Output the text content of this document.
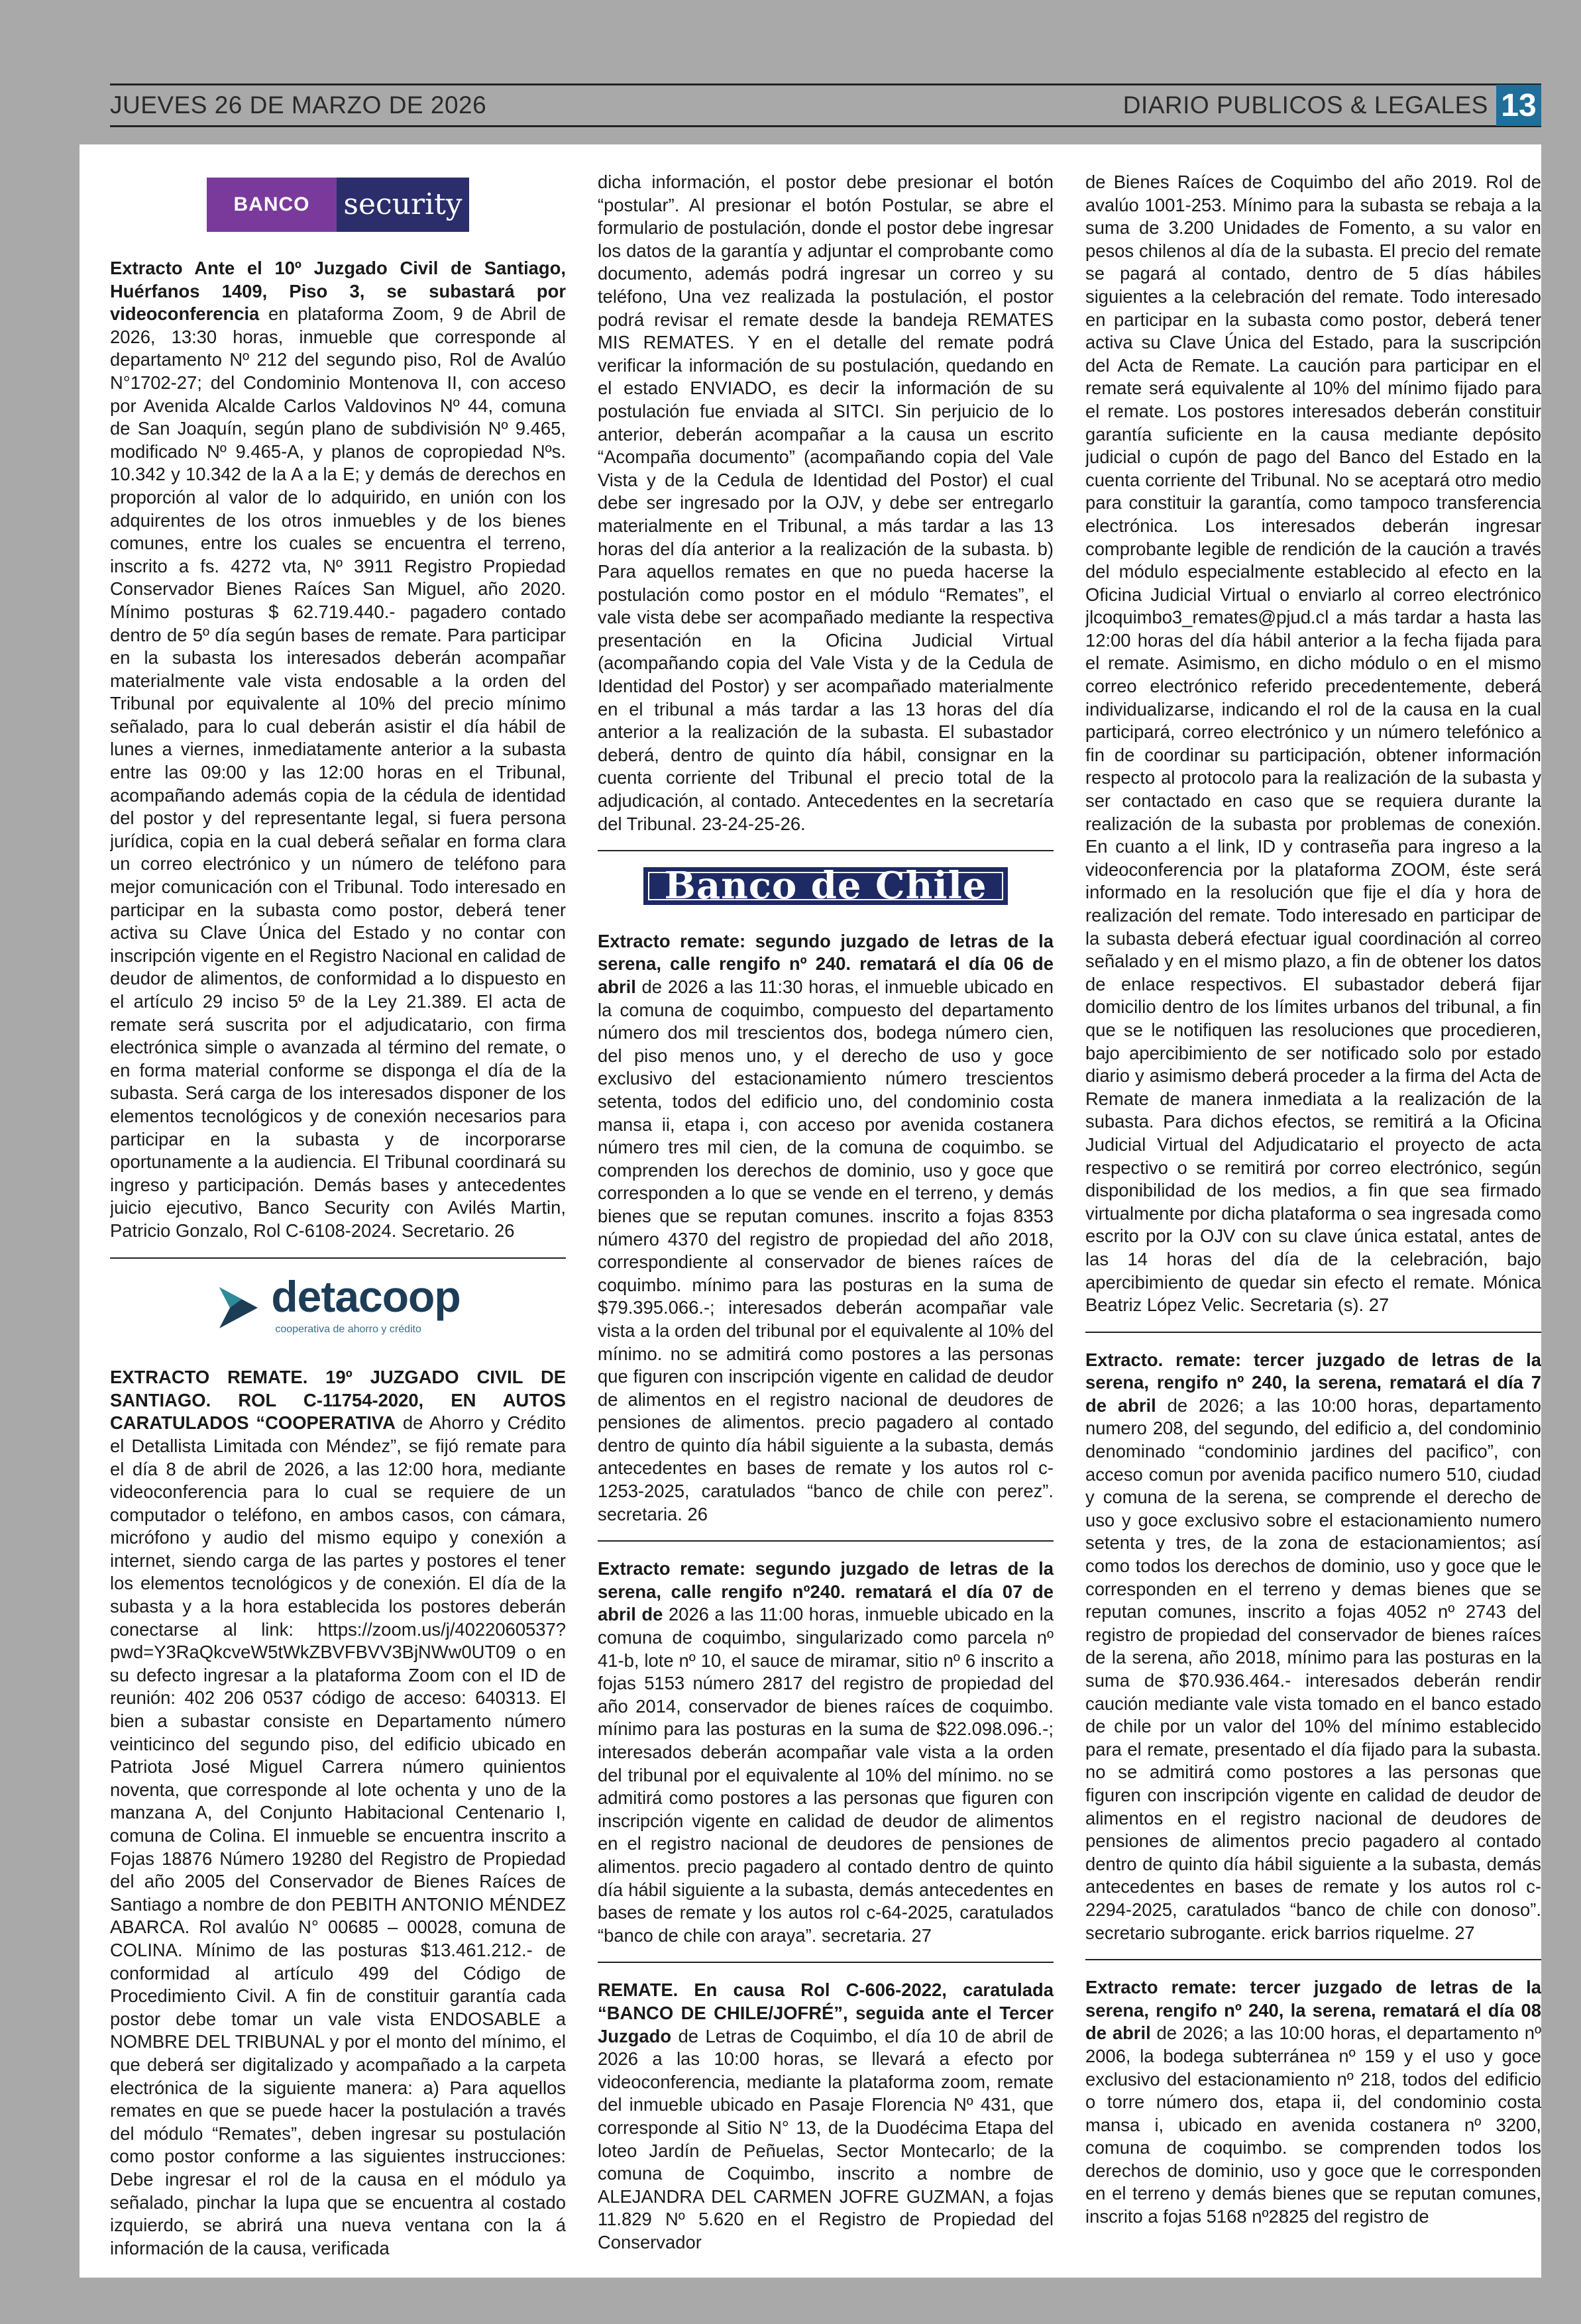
JUEVES 26 DE MARZO DE 2026	DIARIO PUBLICOS & LEGALES 13
BANCO	security

Extracto Ante el 10º Juzgado Civil de Santiago, Huérfanos 1409, Piso 3, se subastará por videoconferencia en plataforma Zoom, 9 de Abril de 2026, 13:30 horas, inmueble que corresponde al departamento Nº 212 del segundo piso, Rol de Avalúo N°1702-27; del Condominio Montenova II, con acceso por Avenida Alcalde Carlos Valdovinos Nº 44, comuna de San Joaquín, según plano de subdivisión Nº 9.465, modificado Nº 9.465-A, y planos de copropiedad Nºs. 10.342 y 10.342 de la A a la E; y demás de derechos en proporción al valor de lo adquirido, en unión con los adquirentes de los otros inmuebles y de los bienes comunes, entre los cuales se encuentra el terreno, inscrito a fs. 4272 vta, Nº 3911 Registro Propiedad Conservador Bienes Raíces San Miguel, año 2020. Mínimo posturas $ 62.719.440.- pagadero contado dentro de 5º día según bases de remate. Para participar en la subasta los interesados deberán acompañar materialmente vale vista endosable a la orden del Tribunal por equivalente al 10% del precio mínimo señalado, para lo cual deberán asistir el día hábil de lunes a viernes, inmediatamente anterior a la subasta entre las 09:00 y las 12:00 horas en el Tribunal, acompañando además copia de la cédula de identidad del postor y del representante legal, si fuera persona jurídica, copia en la cual deberá señalar en forma clara un correo electrónico y un número de teléfono para mejor comunicación con el Tribunal. Todo interesado en participar en la subasta como postor, deberá tener activa su Clave Única del Estado y no contar con inscripción vigente en el Registro Nacional en calidad de deudor de alimentos, de conformidad a lo dispuesto en el artículo 29 inciso 5º de la Ley 21.389. El acta de remate será suscrita por el adjudicatario, con firma electrónica simple o avanzada al término del remate, o en forma material conforme se disponga el día de la subasta. Será carga de los interesados disponer de los elementos tecnológicos y de conexión necesarios para participar en la subasta y de incorporarse oportunamente a la audiencia. El Tribunal coordinará su ingreso y participación. Demás bases y antecedentes juicio ejecutivo, Banco Security con Avilés Martin, Patricio Gonzalo, Rol C-6108-2024. Secretario. 26

detacoop
cooperativa de ahorro y crédito

EXTRACTO REMATE. 19º JUZGADO CIVIL DE SANTIAGO. ROL C-11754-2020, EN AUTOS CARATULADOS “COOPERATIVA de Ahorro y Crédito el Detallista Limitada con Méndez”, se fijó remate para el día 8 de abril de 2026, a las 12:00 hora, mediante videoconferencia para lo cual se requiere de un computador o teléfono, en ambos casos, con cámara, micrófono y audio del mismo equipo y conexión a internet, siendo carga de las partes y postores el tener los elementos tecnológicos y de conexión. El día de la subasta y a la hora establecida los postores deberán conectarse al link: https://zoom.us/j/4022060537?pwd=Y3RaQkcveW5tWkZBVFBVV3BjNWw0UT09 o en su defecto ingresar a la plataforma Zoom con el ID de reunión: 402 206 0537 código de acceso: 640313. El bien a subastar consiste en Departamento número veinticinco del segundo piso, del edificio ubicado en Patriota José Miguel Carrera número quinientos noventa, que corresponde al lote ochenta y uno de la manzana A, del Conjunto Habitacional Centenario I, comuna de Colina. El inmueble se encuentra inscrito a Fojas 18876 Número 19280 del Registro de Propiedad del año 2005 del Conservador de Bienes Raíces de Santiago a nombre de don PEBITH ANTONIO MÉNDEZ ABARCA. Rol avalúo N° 00685 – 00028, comuna de COLINA. Mínimo de las posturas $13.461.212.- de conformidad al artículo 499 del Código de Procedimiento Civil. A fin de constituir garantía cada postor debe tomar un vale vista ENDOSABLE a NOMBRE DEL TRIBUNAL y por el monto del mínimo, el que deberá ser digitalizado y acompañado a la carpeta electrónica de la siguiente manera: a) Para aquellos remates en que se puede hacer la postulación a través del módulo “Remates”, deben ingresar su postulación como postor conforme a las siguientes instrucciones: Debe ingresar el rol de la causa en el módulo ya señalado, pinchar la lupa que se encuentra al costado izquierdo, se abrirá una nueva ventana con la á información de la causa, verificada

dicha información, el postor debe presionar el botón “postular”. Al presionar el botón Postular, se abre el formulario de postulación, donde el postor debe ingresar los datos de la garantía y adjuntar el comprobante como documento, además podrá ingresar un correo y su teléfono, Una vez realizada la postulación, el postor podrá revisar el remate desde la bandeja REMATES MIS REMATES. Y en el detalle del remate podrá verificar la información de su postulación, quedando en el estado ENVIADO, es decir la información de su postulación fue enviada al SITCI. Sin perjuicio de lo anterior, deberán acompañar a la causa un escrito “Acompaña documento” (acompañando copia del Vale Vista y de la Cedula de Identidad del Postor) el cual debe ser ingresado por la OJV, y debe ser entregarlo materialmente en el Tribunal, a más tardar a las 13 horas del día anterior a la realización de la subasta. b) Para aquellos remates en que no pueda hacerse la postulación como postor en el módulo “Remates”, el vale vista debe ser acompañado mediante la respectiva presentación en la Oficina Judicial Virtual (acompañando copia del Vale Vista y de la Cedula de Identidad del Postor) y ser acompañado materialmente en el tribunal a más tardar a las 13 horas del día anterior a la realización de la subasta. El subastador deberá, dentro de quinto día hábil, consignar en la cuenta corriente del Tribunal el precio total de la adjudicación, al contado. Antecedentes en la secretaría del Tribunal. 23-24-25-26.

Banco de Chile

Extracto remate: segundo juzgado de letras de la serena, calle rengifo nº 240. rematará el día 06 de abril de 2026 a las 11:30 horas, el inmueble ubicado en la comuna de coquimbo, compuesto del departamento número dos mil trescientos dos, bodega número cien, del piso menos uno, y el derecho de uso y goce exclusivo del estacionamiento número trescientos setenta, todos del edificio uno, del condominio costa mansa ii, etapa i, con acceso por avenida costanera número tres mil cien, de la comuna de coquimbo. se comprenden los derechos de dominio, uso y goce que corresponden a lo que se vende en el terreno, y demás bienes que se reputan comunes. inscrito a fojas 8353 número 4370 del registro de propiedad del año 2018, correspondiente al conservador de bienes raíces de coquimbo. mínimo para las posturas en la suma de $79.395.066.-; interesados deberán acompañar vale vista a la orden del tribunal por el equivalente al 10% del mínimo. no se admitirá como postores a las personas que figuren con inscripción vigente en calidad de deudor de alimentos en el registro nacional de deudores de pensiones de alimentos. precio pagadero al contado dentro de quinto día hábil siguiente a la subasta, demás antecedentes en bases de remate y los autos rol c-1253-2025, caratulados “banco de chile con perez”. secretaria. 26

Extracto remate: segundo juzgado de letras de la serena, calle rengifo nº240. rematará el día 07 de abril de 2026 a las 11:00 horas, inmueble ubicado en la comuna de coquimbo, singularizado como parcela nº 41-b, lote nº 10, el sauce de miramar, sitio nº 6 inscrito a fojas 5153 número 2817 del registro de propiedad del año 2014, conservador de bienes raíces de coquimbo. mínimo para las posturas en la suma de $22.098.096.-; interesados deberán acompañar vale vista a la orden del tribunal por el equivalente al 10% del mínimo. no se admitirá como postores a las personas que figuren con inscripción vigente en calidad de deudor de alimentos en el registro nacional de deudores de pensiones de alimentos. precio pagadero al contado dentro de quinto día hábil siguiente a la subasta, demás antecedentes en bases de remate y los autos rol c-64-2025, caratulados “banco de chile con araya”. secretaria. 27

REMATE. En causa Rol C-606-2022, caratulada “BANCO DE CHILE/JOFRÉ”, seguida ante el Tercer Juzgado de Letras de Coquimbo, el día 10 de abril de 2026 a las 10:00 horas, se llevará a efecto por videoconferencia, mediante la plataforma zoom, remate del inmueble ubicado en Pasaje Florencia Nº 431, que corresponde al Sitio N° 13, de la Duodécima Etapa del loteo Jardín de Peñuelas, Sector Montecarlo; de la comuna de Coquimbo, inscrito a nombre de ALEJANDRA DEL CARMEN JOFRE GUZMAN, a fojas 11.829 Nº 5.620 en el Registro de Propiedad del Conservador

de Bienes Raíces de Coquimbo del año 2019. Rol de avalúo 1001-253. Mínimo para la subasta se rebaja a la suma de 3.200 Unidades de Fomento, a su valor en pesos chilenos al día de la subasta. El precio del remate se pagará al contado, dentro de 5 días hábiles siguientes a la celebración del remate. Todo interesado en participar en la subasta como postor, deberá tener activa su Clave Única del Estado, para la suscripción del Acta de Remate. La caución para participar en el remate será equivalente al 10% del mínimo fijado para el remate. Los postores interesados deberán constituir garantía suficiente en la causa mediante depósito judicial o cupón de pago del Banco del Estado en la cuenta corriente del Tribunal. No se aceptará otro medio para constituir la garantía, como tampoco transferencia electrónica. Los interesados deberán ingresar comprobante legible de rendición de la caución a través del módulo especialmente establecido al efecto en la Oficina Judicial Virtual o enviarlo al correo electrónico jlcoquimbo3_remates@pjud.cl a más tardar a hasta las 12:00 horas del día hábil anterior a la fecha fijada para el remate. Asimismo, en dicho módulo o en el mismo correo electrónico referido precedentemente, deberá individualizarse, indicando el rol de la causa en la cual participará, correo electrónico y un número telefónico a fin de coordinar su participación, obtener información respecto al protocolo para la realización de la subasta y ser contactado en caso que se requiera durante la realización de la subasta por problemas de conexión. En cuanto a el link, ID y contraseña para ingreso a la videoconferencia por la plataforma ZOOM, éste será informado en la resolución que fije el día y hora de realización del remate. Todo interesado en participar de la subasta deberá efectuar igual coordinación al correo señalado y en el mismo plazo, a fin de obtener los datos de enlace respectivos. El subastador deberá fijar domicilio dentro de los límites urbanos del tribunal, a fin que se le notifiquen las resoluciones que procedieren, bajo apercibimiento de ser notificado solo por estado diario y asimismo deberá proceder a la firma del Acta de Remate de manera inmediata a la realización de la subasta. Para dichos efectos, se remitirá a la Oficina Judicial Virtual del Adjudicatario el proyecto de acta respectivo o se remitirá por correo electrónico, según disponibilidad de los medios, a fin que sea firmado virtualmente por dicha plataforma o sea ingresada como escrito por la OJV con su clave única estatal, antes de las 14 horas del día de la celebración, bajo apercibimiento de quedar sin efecto el remate. Mónica Beatriz López Velic. Secretaria (s). 27

Extracto. remate: tercer juzgado de letras de la serena, rengifo nº 240, la serena, rematará el día 7 de abril de 2026; a las 10:00 horas, departamento numero 208, del segundo, del edificio a, del condominio denominado “condominio jardines del pacifico”, con acceso comun por avenida pacifico numero 510, ciudad y comuna de la serena, se comprende el derecho de uso y goce exclusivo sobre el estacionamiento numero setenta y tres, de la zona de estacionamientos; así como todos los derechos de dominio, uso y goce que le corresponden en el terreno y demas bienes que se reputan comunes, inscrito a fojas 4052 nº 2743 del registro de propiedad del conservador de bienes raíces de la serena, año 2018, mínimo para las posturas en la suma de $70.936.464.- interesados deberán rendir caución mediante vale vista tomado en el banco estado de chile por un valor del 10% del mínimo establecido para el remate, presentado el día fijado para la subasta. no se admitirá como postores a las personas que figuren con inscripción vigente en calidad de deudor de alimentos en el registro nacional de deudores de pensiones de alimentos precio pagadero al contado dentro de quinto día hábil siguiente a la subasta, demás antecedentes en bases de remate y los autos rol c-2294-2025, caratulados “banco de chile con donoso”. secretario subrogante. erick barrios riquelme. 27

Extracto remate: tercer juzgado de letras de la serena, rengifo nº 240, la serena, rematará el día 08 de abril de 2026; a las 10:00 horas, el departamento nº 2006, la bodega subterránea nº 159 y el uso y goce exclusivo del estacionamiento nº 218, todos del edificio o torre número dos, etapa ii, del condominio costa mansa i, ubicado en avenida costanera nº 3200, comuna de coquimbo. se comprenden todos los derechos de dominio, uso y goce que le corresponden en el terreno y demás bienes que se reputan comunes, inscrito a fojas 5168 nº2825 del registro de
